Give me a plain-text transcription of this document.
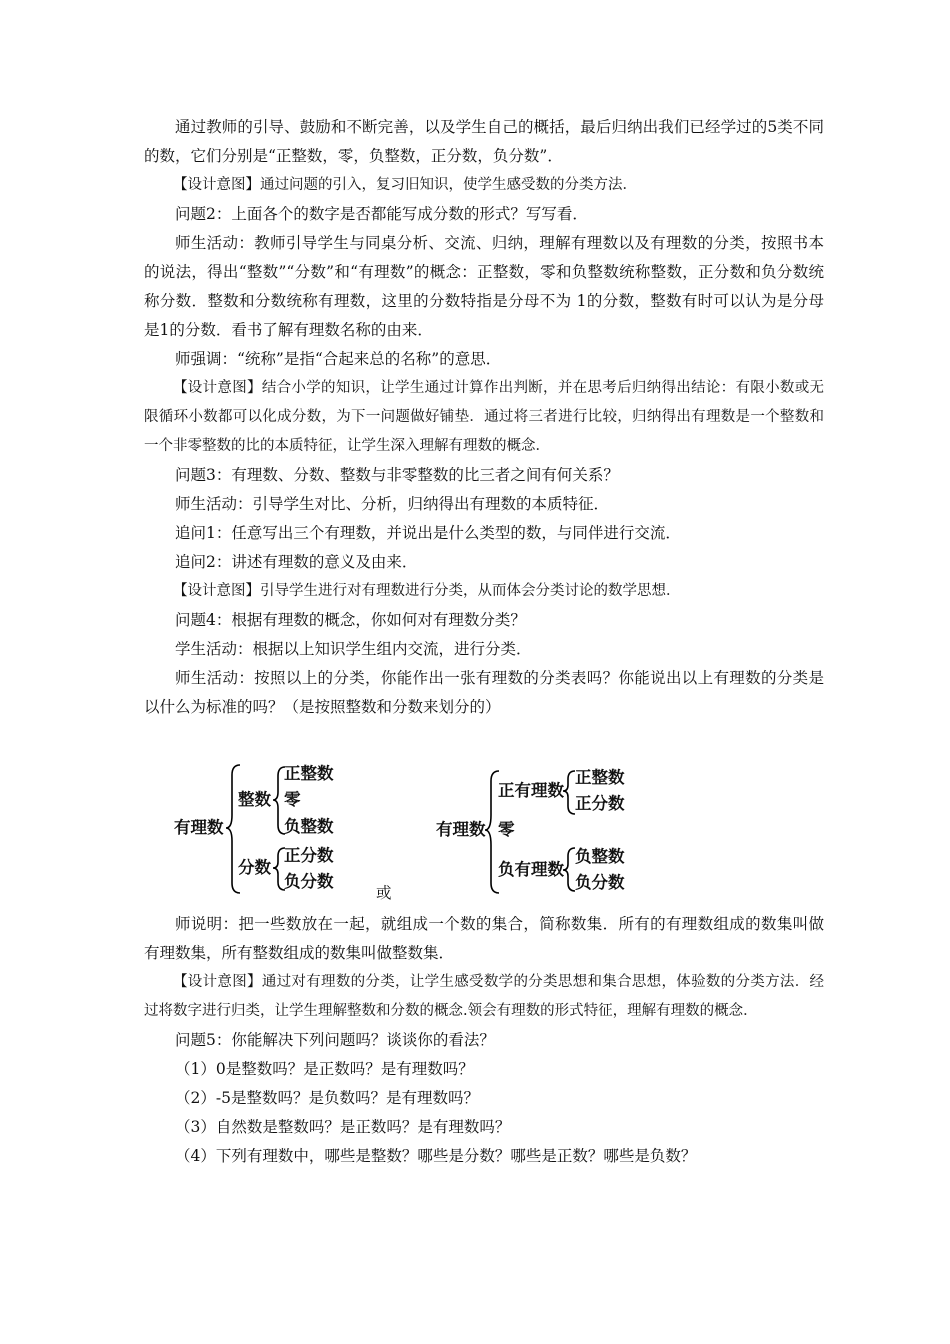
通过教师的引导、鼓励和不断完善，以及学生自己的概括，最后归纳出我们已经学过的5类不同的数，它们分别是“正整数，零，负整数，正分数，负分数”．

【设计意图】通过问题的引入，复习旧知识，使学生感受数的分类方法．

问题2：上面各个的数字是否都能写成分数的形式？写写看．

师生活动：教师引导学生与同桌分析、交流、归纳，理解有理数以及有理数的分类，按照书本的说法，得出“整数”“分数”和“有理数”的概念：正整数，零和负整数统称整数，正分数和负分数统称分数．整数和分数统称有理数，这里的分数特指是分母不为 1的分数，整数有时可以认为是分母是1的分数．看书了解有理数名称的由来．

师强调：“统称”是指“合起来总的名称”的意思．

【设计意图】结合小学的知识，让学生通过计算作出判断，并在思考后归纳得出结论：有限小数或无限循环小数都可以化成分数，为下一问题做好铺垫．通过将三者进行比较，归纳得出有理数是一个整数和一个非零整数的比的本质特征，让学生深入理解有理数的概念．

问题3：有理数、分数、整数与非零整数的比三者之间有何关系？

师生活动：引导学生对比、分析，归纳得出有理数的本质特征．

追问1：任意写出三个有理数，并说出是什么类型的数，与同伴进行交流．

追问2：讲述有理数的意义及由来．

【设计意图】引导学生进行对有理数进行分类，从而体会分类讨论的数学思想．

问题4：根据有理数的概念，你如何对有理数分类？

学生活动：根据以上知识学生组内交流，进行分类．

师生活动：按照以上的分类，你能作出一张有理数的分类表吗？你能说出以上有理数的分类是以什么为标准的吗？（是按照整数和分数来划分的）

有理数
整数
正整数
零
负整数
分数
正分数
负分数
或
有理数
正有理数
正整数
正分数
零
负有理数
负整数
负分数

师说明：把一些数放在一起，就组成一个数的集合，简称数集．所有的有理数组成的数集叫做有理数集，所有整数组成的数集叫做整数集．

【设计意图】通过对有理数的分类，让学生感受数学的分类思想和集合思想，体验数的分类方法．经过将数字进行归类，让学生理解整数和分数的概念.领会有理数的形式特征，理解有理数的概念．

问题5：你能解决下列问题吗？谈谈你的看法？

（1）0是整数吗？是正数吗？是有理数吗？

（2）-5是整数吗？是负数吗？是有理数吗？

（3）自然数是整数吗？是正数吗？是有理数吗？

（4）下列有理数中，哪些是整数？哪些是分数？哪些是正数？哪些是负数？
